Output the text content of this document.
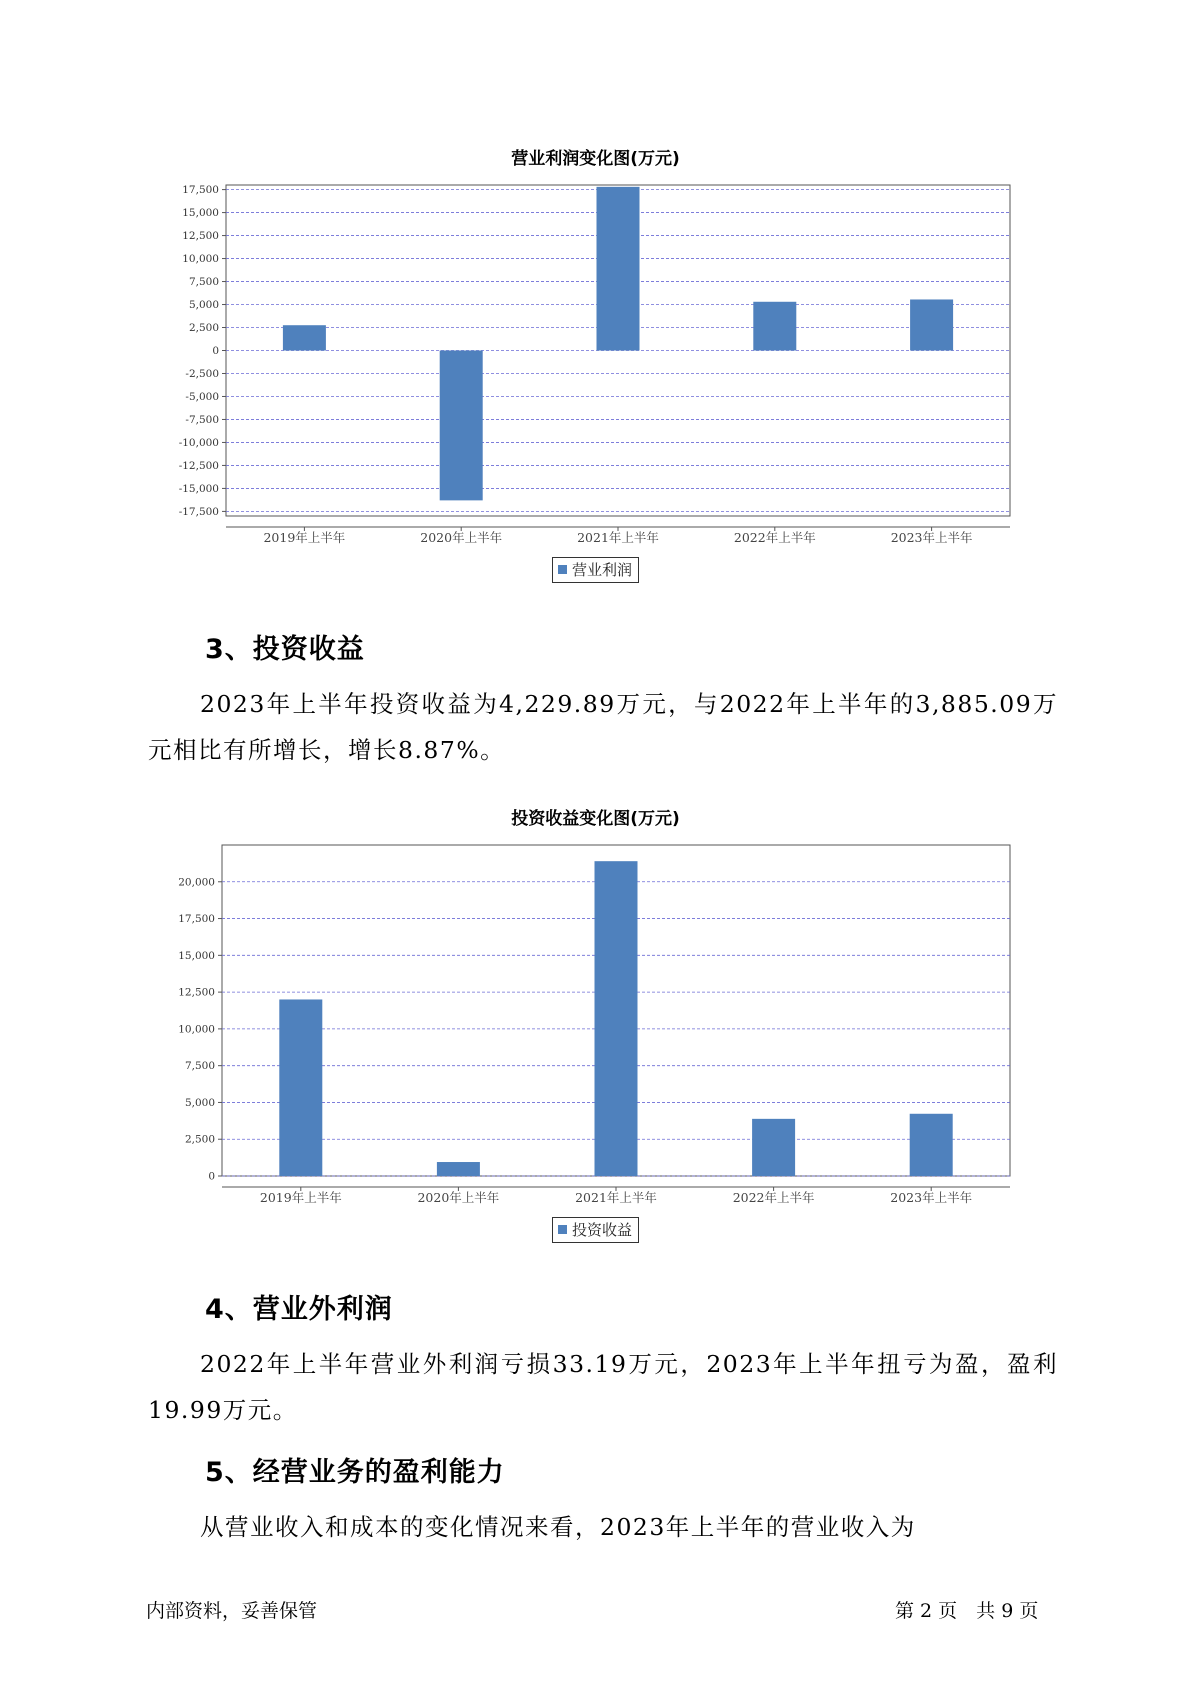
营业利润变化图(万元)
17,500
15,000
12,500
10,000
7,500
5,000
2,500
0
-2,500
-5,000
-7,500
-10,000
-12,500
-15,000
-17,500
2019年上半年	2020年上半年	2021年上半年	2022年上半年	2023年上半年
营业利润
3、投资收益
2023年上半年投资收益为4,229.89万元，与2022年上半年的3,885.09万元相比有所增长，增长8.87%。
投资收益变化图(万元)
0
2,500
5,000
7,500
10,000
12,500
15,000
17,500
20,000
2019年上半年	2020年上半年	2021年上半年	2022年上半年	2023年上半年
投资收益
4、营业外利润
2022年上半年营业外利润亏损33.19万元，2023年上半年扭亏为盈，盈利19.99万元。
5、经营业务的盈利能力
从营业收入和成本的变化情况来看，2023年上半年的营业收入为
内部资料，妥善保管	第 2 页　共 9 页
